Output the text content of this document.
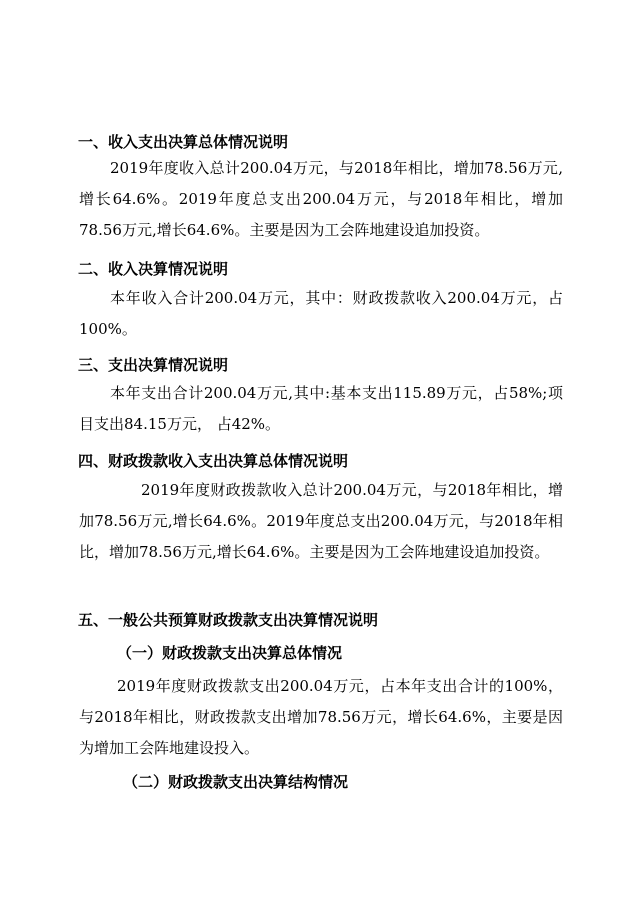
一、收入支出决算总体情况说明
2019年度收入总计200.04万元，与2018年相比，增加78.56万元,增长64.6%。2019年度总支出200.04万元，与2018年相比，增加78.56万元,增长64.6%。主要是因为工会阵地建设追加投资。
二、收入决算情况说明
本年收入合计200.04万元，其中：财政拨款收入200.04万元，占100%。
三、支出决算情况说明
本年支出合计200.04万元,其中:基本支出115.89万元，占58%;项目支出84.15万元， 占42%。
四、财政拨款收入支出决算总体情况说明
2019年度财政拨款收入总计200.04万元，与2018年相比，增加78.56万元,增长64.6%。2019年度总支出200.04万元，与2018年相比，增加78.56万元,增长64.6%。主要是因为工会阵地建设追加投资。
五、一般公共预算财政拨款支出决算情况说明
（一）财政拨款支出决算总体情况
2019年度财政拨款支出200.04万元，占本年支出合计的100%，与2018年相比，财政拨款支出增加78.56万元，增长64.6%，主要是因为增加工会阵地建设投入。
（二）财政拨款支出决算结构情况
